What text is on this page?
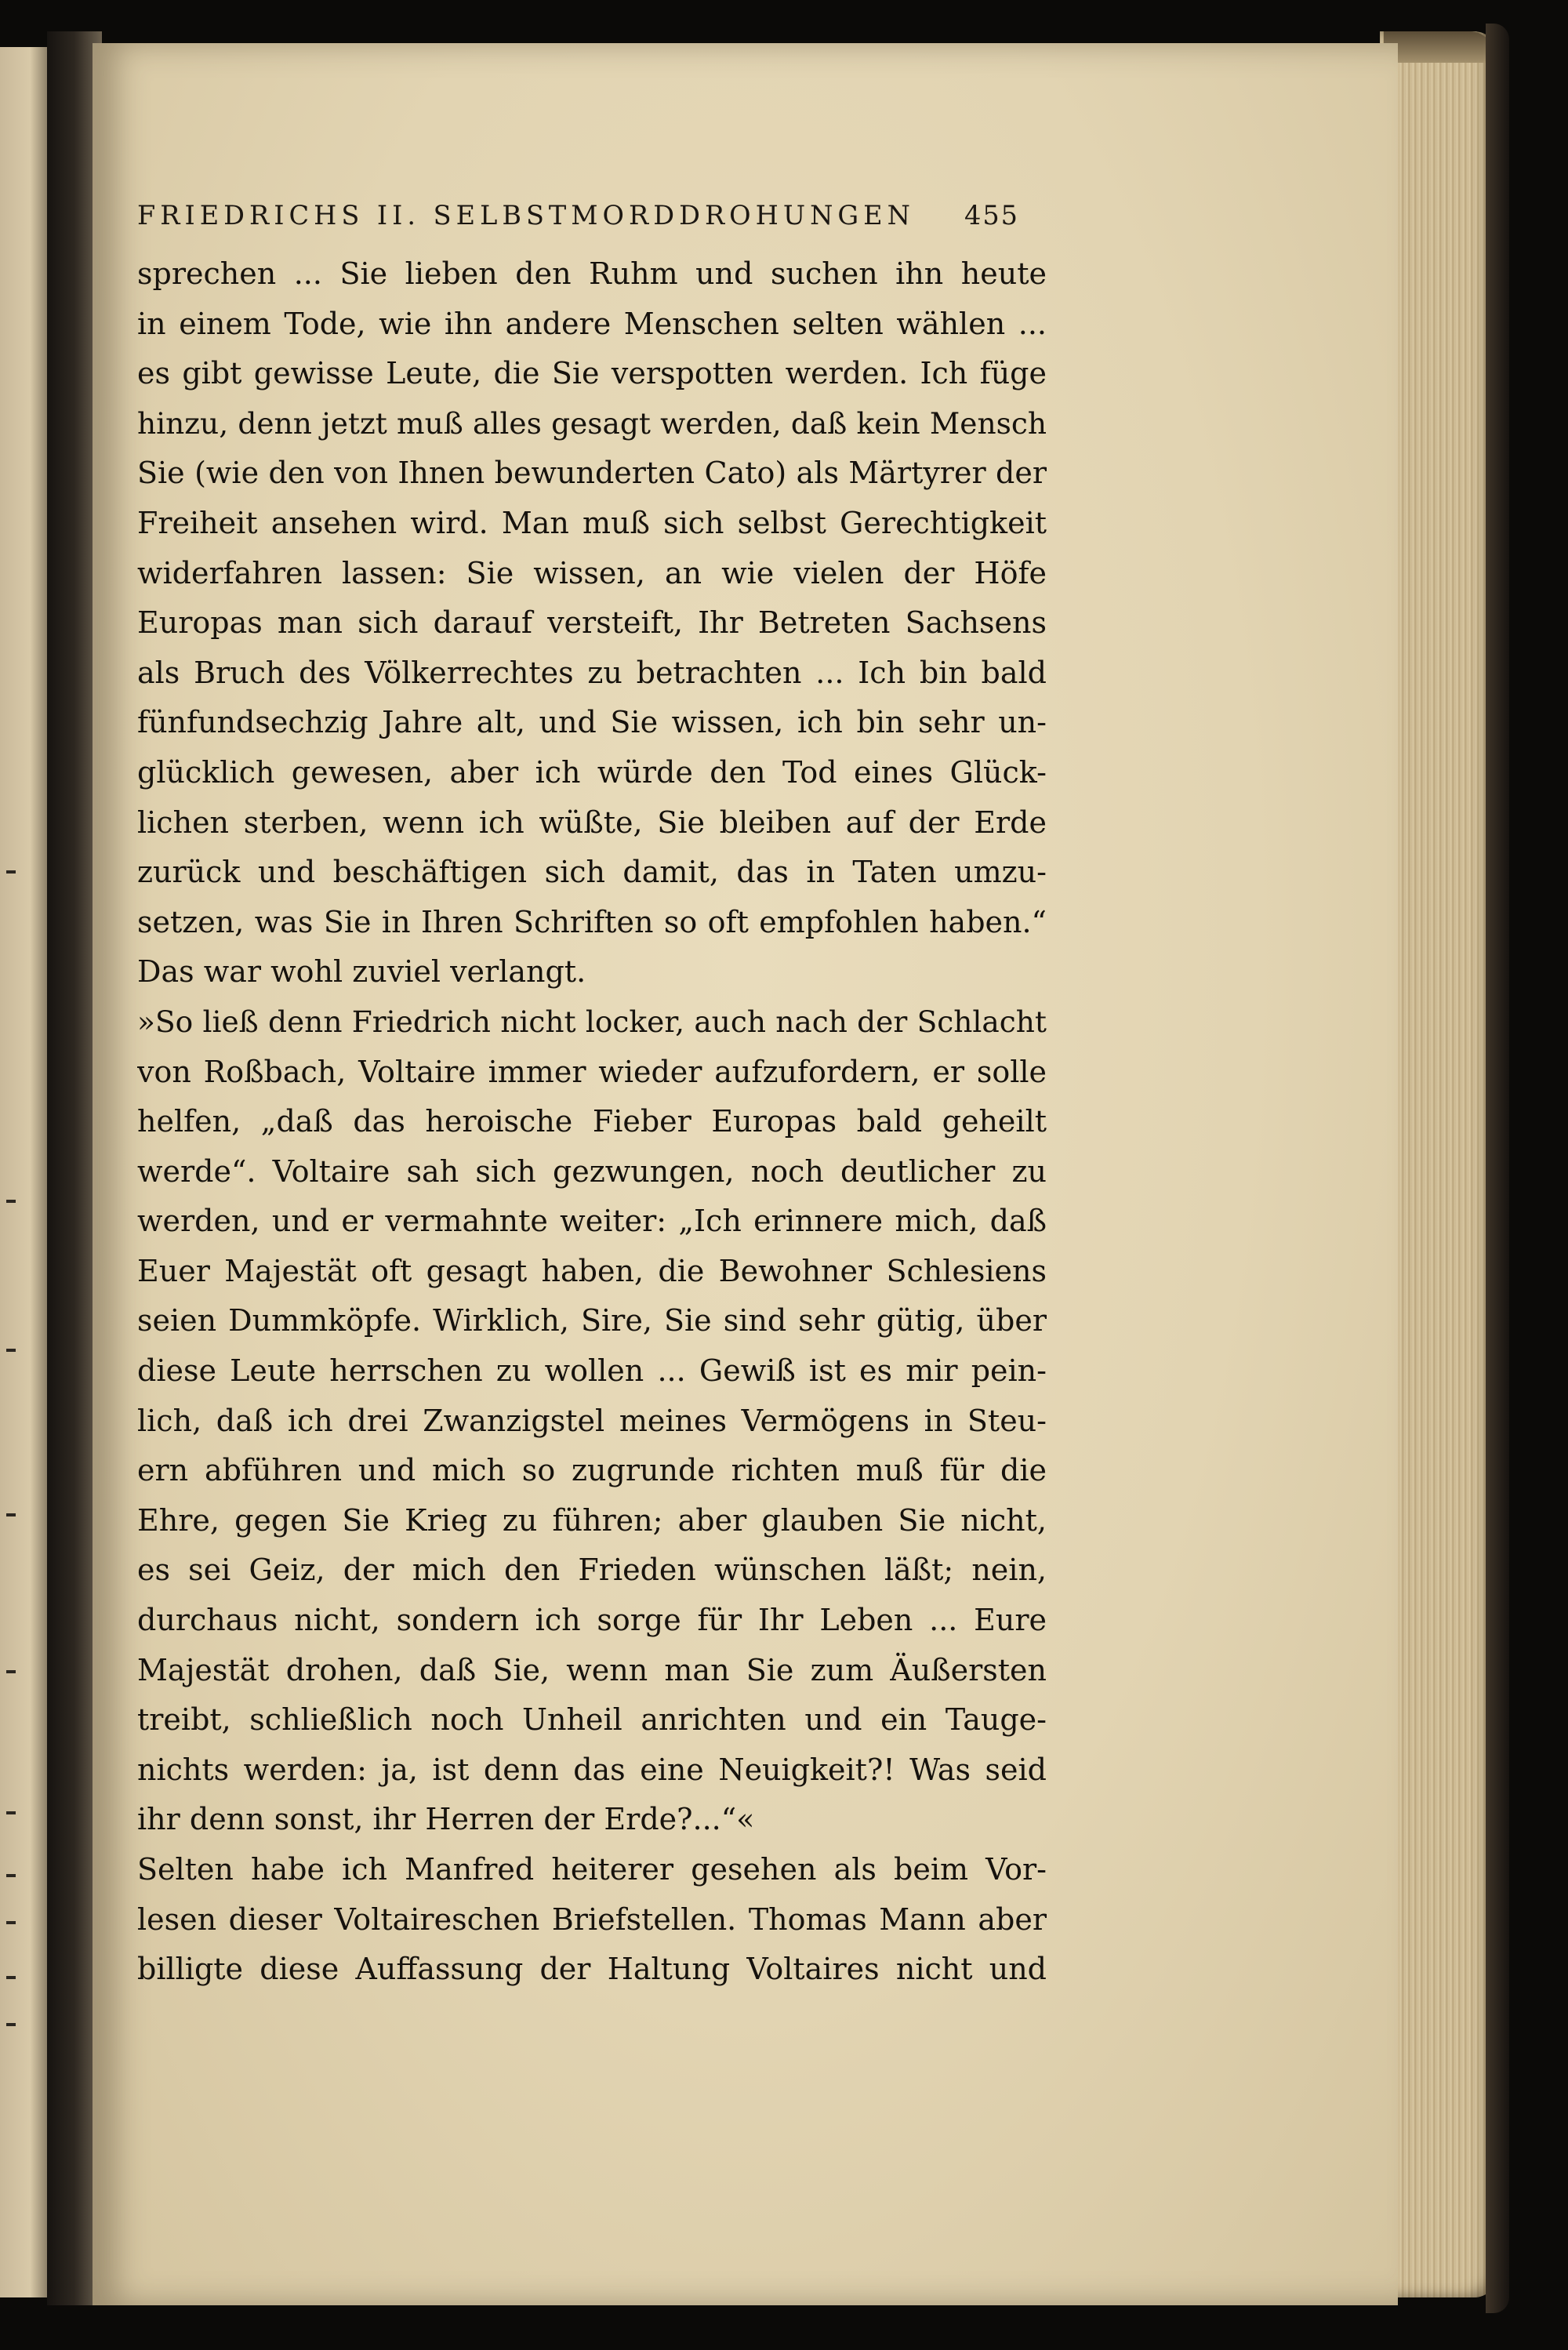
FRIEDRICHS II. SELBSTMORDDROHUNGEN 455
sprechen ... Sie lieben den Ruhm und suchen ihn heute
in einem Tode, wie ihn andere Menschen selten wählen ...
es gibt gewisse Leute, die Sie verspotten werden. Ich füge
hinzu, denn jetzt muß alles gesagt werden, daß kein Mensch
Sie (wie den von Ihnen bewunderten Cato) als Märtyrer der
Freiheit ansehen wird. Man muß sich selbst Gerechtigkeit
widerfahren lassen: Sie wissen, an wie vielen der Höfe
Europas man sich darauf versteift, Ihr Betreten Sachsens
als Bruch des Völkerrechtes zu betrachten ... Ich bin bald
fünfundsechzig Jahre alt, und Sie wissen, ich bin sehr un-
glücklich gewesen, aber ich würde den Tod eines Glück-
lichen sterben, wenn ich wüßte, Sie bleiben auf der Erde
zurück und beschäftigen sich damit, das in Taten umzu-
setzen, was Sie in Ihren Schriften so oft empfohlen haben.“
Das war wohl zuviel verlangt.
»So ließ denn Friedrich nicht locker, auch nach der Schlacht
von Roßbach, Voltaire immer wieder aufzufordern, er solle
helfen, „daß das heroische Fieber Europas bald geheilt
werde“. Voltaire sah sich gezwungen, noch deutlicher zu
werden, und er vermahnte weiter: „Ich erinnere mich, daß
Euer Majestät oft gesagt haben, die Bewohner Schlesiens
seien Dummköpfe. Wirklich, Sire, Sie sind sehr gütig, über
diese Leute herrschen zu wollen ... Gewiß ist es mir pein-
lich, daß ich drei Zwanzigstel meines Vermögens in Steu-
ern abführen und mich so zugrunde richten muß für die
Ehre, gegen Sie Krieg zu führen; aber glauben Sie nicht,
es sei Geiz, der mich den Frieden wünschen läßt; nein,
durchaus nicht, sondern ich sorge für Ihr Leben ... Eure
Majestät drohen, daß Sie, wenn man Sie zum Äußersten
treibt, schließlich noch Unheil anrichten und ein Tauge-
nichts werden: ja, ist denn das eine Neuigkeit?! Was seid
ihr denn sonst, ihr Herren der Erde?...“«
Selten habe ich Manfred heiterer gesehen als beim Vor-
lesen dieser Voltaireschen Briefstellen. Thomas Mann aber
billigte diese Auffassung der Haltung Voltaires nicht und
